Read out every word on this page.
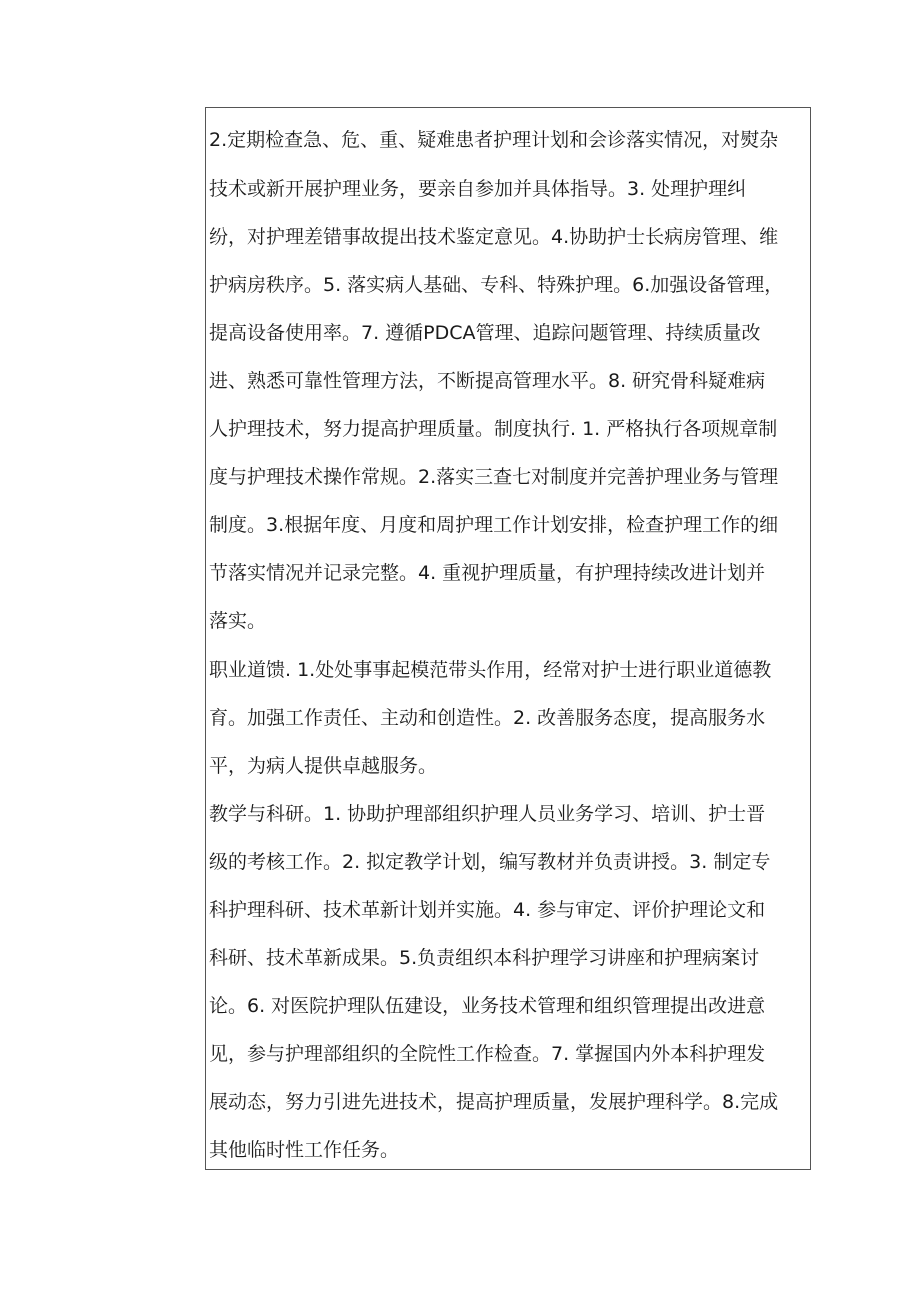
2.定期检查急、危、重、疑难患者护理计划和会诊落实情况，对熨杂
技术或新开展护理业务，要亲自参加并具体指导。3. 处理护理纠
纷，对护理差错事故提出技术鉴定意见。4.协助护士长病房管理、维
护病房秩序。5. 落实病人基础、专科、特殊护理。6.加强设备管理，
提高设备使用率。7. 遵循PDCA管理、追踪问题管理、持续质量改
进、熟悉可靠性管理方法，不断提高管理水平。8. 研究骨科疑难病
人护理技术，努力提高护理质量。制度执行. 1. 严格执行各项规章制
度与护理技术操作常规。2.落实三查七对制度并完善护理业务与管理
制度。3.根据年度、月度和周护理工作计划安排，检查护理工作的细
节落实情况并记录完整。4. 重视护理质量，有护理持续改进计划并
落实。
职业道馈. 1.处处事事起模范带头作用，经常对护士进行职业道德教
育。加强工作责任、主动和创造性。2. 改善服务态度，提高服务水
平，为病人提供卓越服务。
教学与科研。1. 协助护理部组织护理人员业务学习、培训、护士晋
级的考核工作。2. 拟定教学计划，编写教材并负责讲授。3. 制定专
科护理科研、技术革新计划并实施。4. 参与审定、评价护理论文和
科研、技术革新成果。5.负责组织本科护理学习讲座和护理病案讨
论。6. 对医院护理队伍建设，业务技术管理和组织管理提出改进意
见，参与护理部组织的全院性工作检查。7. 掌握国内外本科护理发
展动态，努力引进先进技术，提高护理质量，发展护理科学。8.完成
其他临时性工作任务。
